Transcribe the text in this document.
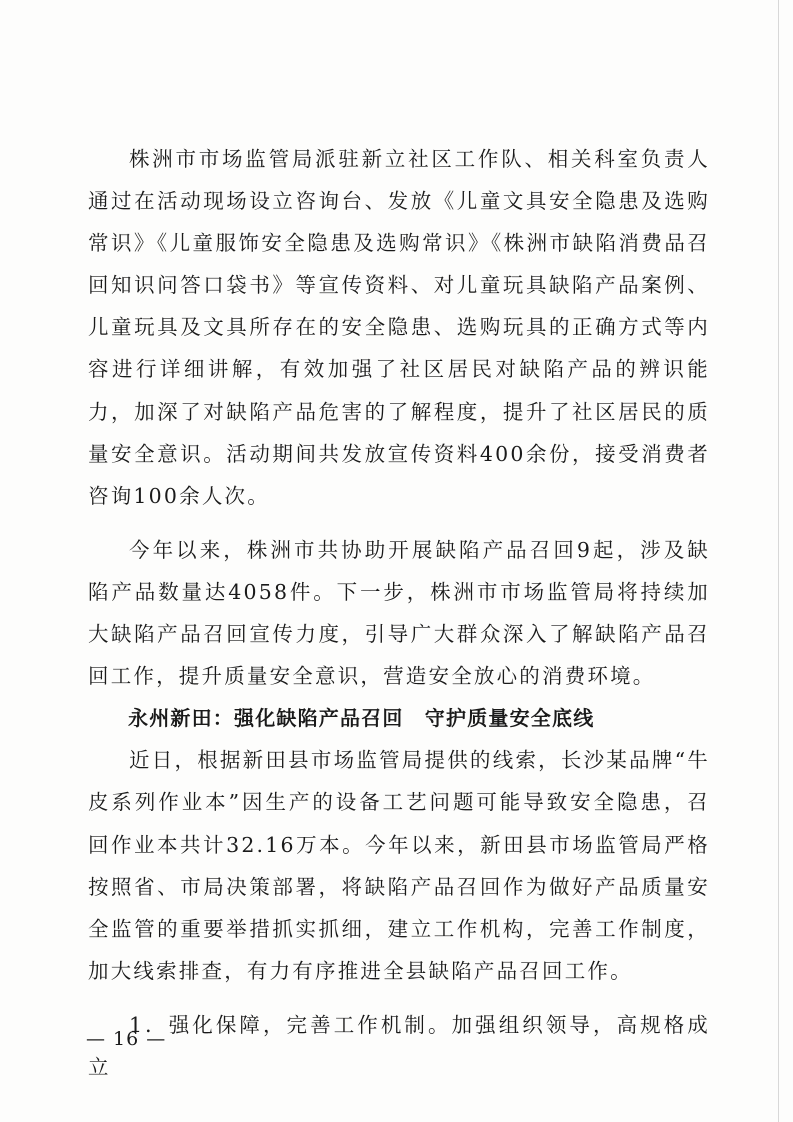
株洲市市场监管局派驻新立社区工作队、相关科室负责人通过在活动现场设立咨询台、发放《儿童文具安全隐患及选购常识》《儿童服饰安全隐患及选购常识》《株洲市缺陷消费品召回知识问答口袋书》等宣传资料、对儿童玩具缺陷产品案例、儿童玩具及文具所存在的安全隐患、选购玩具的正确方式等内容进行详细讲解，有效加强了社区居民对缺陷产品的辨识能力，加深了对缺陷产品危害的了解程度，提升了社区居民的质量安全意识。活动期间共发放宣传资料400余份，接受消费者咨询100余人次。

今年以来，株洲市共协助开展缺陷产品召回9起，涉及缺陷产品数量达4058件。下一步，株洲市市场监管局将持续加大缺陷产品召回宣传力度，引导广大群众深入了解缺陷产品召回工作，提升质量安全意识，营造安全放心的消费环境。

永州新田：强化缺陷产品召回　守护质量安全底线

近日，根据新田县市场监管局提供的线索，长沙某品牌“牛皮系列作业本”因生产的设备工艺问题可能导致安全隐患，召回作业本共计32.16万本。今年以来，新田县市场监管局严格按照省、市局决策部署，将缺陷产品召回作为做好产品质量安全监管的重要举措抓实抓细，建立工作机构，完善工作制度，加大线索排查，有力有序推进全县缺陷产品召回工作。

1．强化保障，完善工作机制。加强组织领导，高规格成立

— 16 —
